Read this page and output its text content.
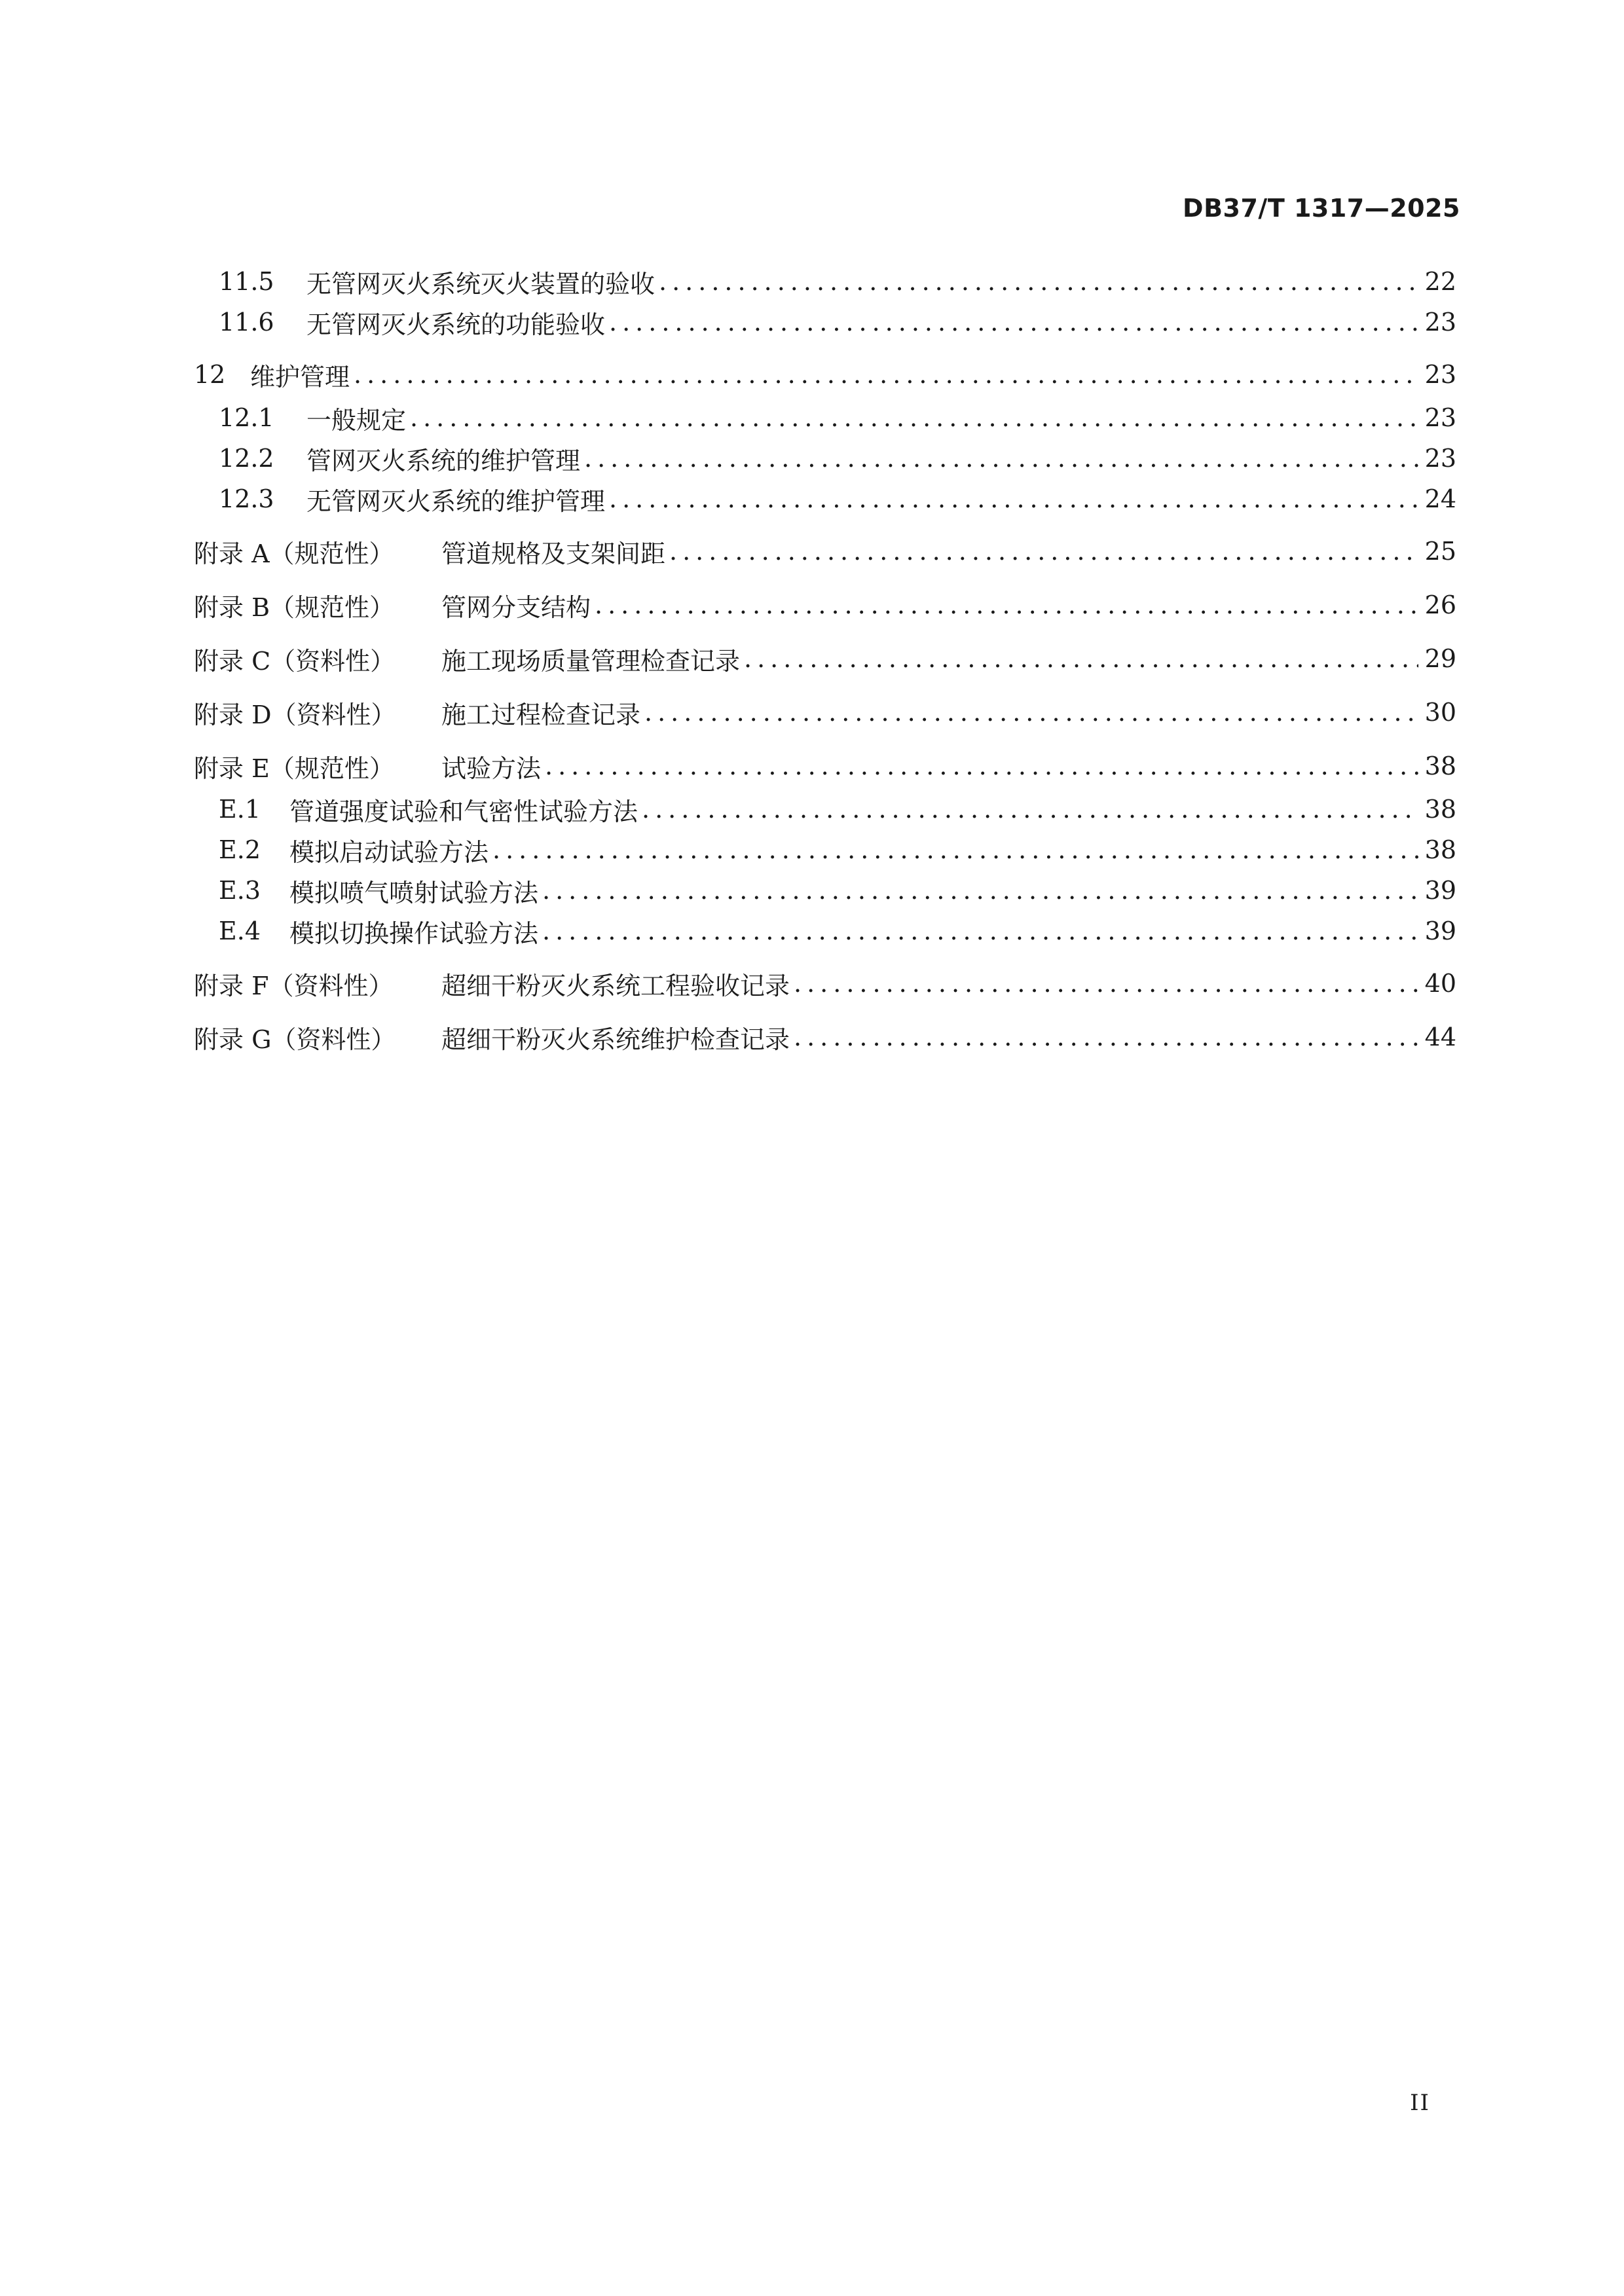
DB37/T 1317—2025
11.5	无管网灭火系统灭火装置的验收 .....	22
11.6	无管网灭火系统的功能验收 .....	23
12 维护管理 .....	23
12.1	一般规定 .....	23
12.2	管网灭火系统的维护管理 .....	23
12.3	无管网灭火系统的维护管理 .....	24
附录 A（规范性）	管道规格及支架间距 .....	25
附录 B（规范性）	管网分支结构 .....	26
附录 C（资料性）	施工现场质量管理检查记录 .....	29
附录 D（资料性）	施工过程检查记录 .....	30
附录 E（规范性）	试验方法 .....	38
E.1	管道强度试验和气密性试验方法 .....	38
E.2	模拟启动试验方法 .....	38
E.3	模拟喷气喷射试验方法 .....	39
E.4	模拟切换操作试验方法 .....	39
附录 F（资料性）	超细干粉灭火系统工程验收记录 .....	40
附录 G（资料性）	超细干粉灭火系统维护检查记录 .....	44
II
